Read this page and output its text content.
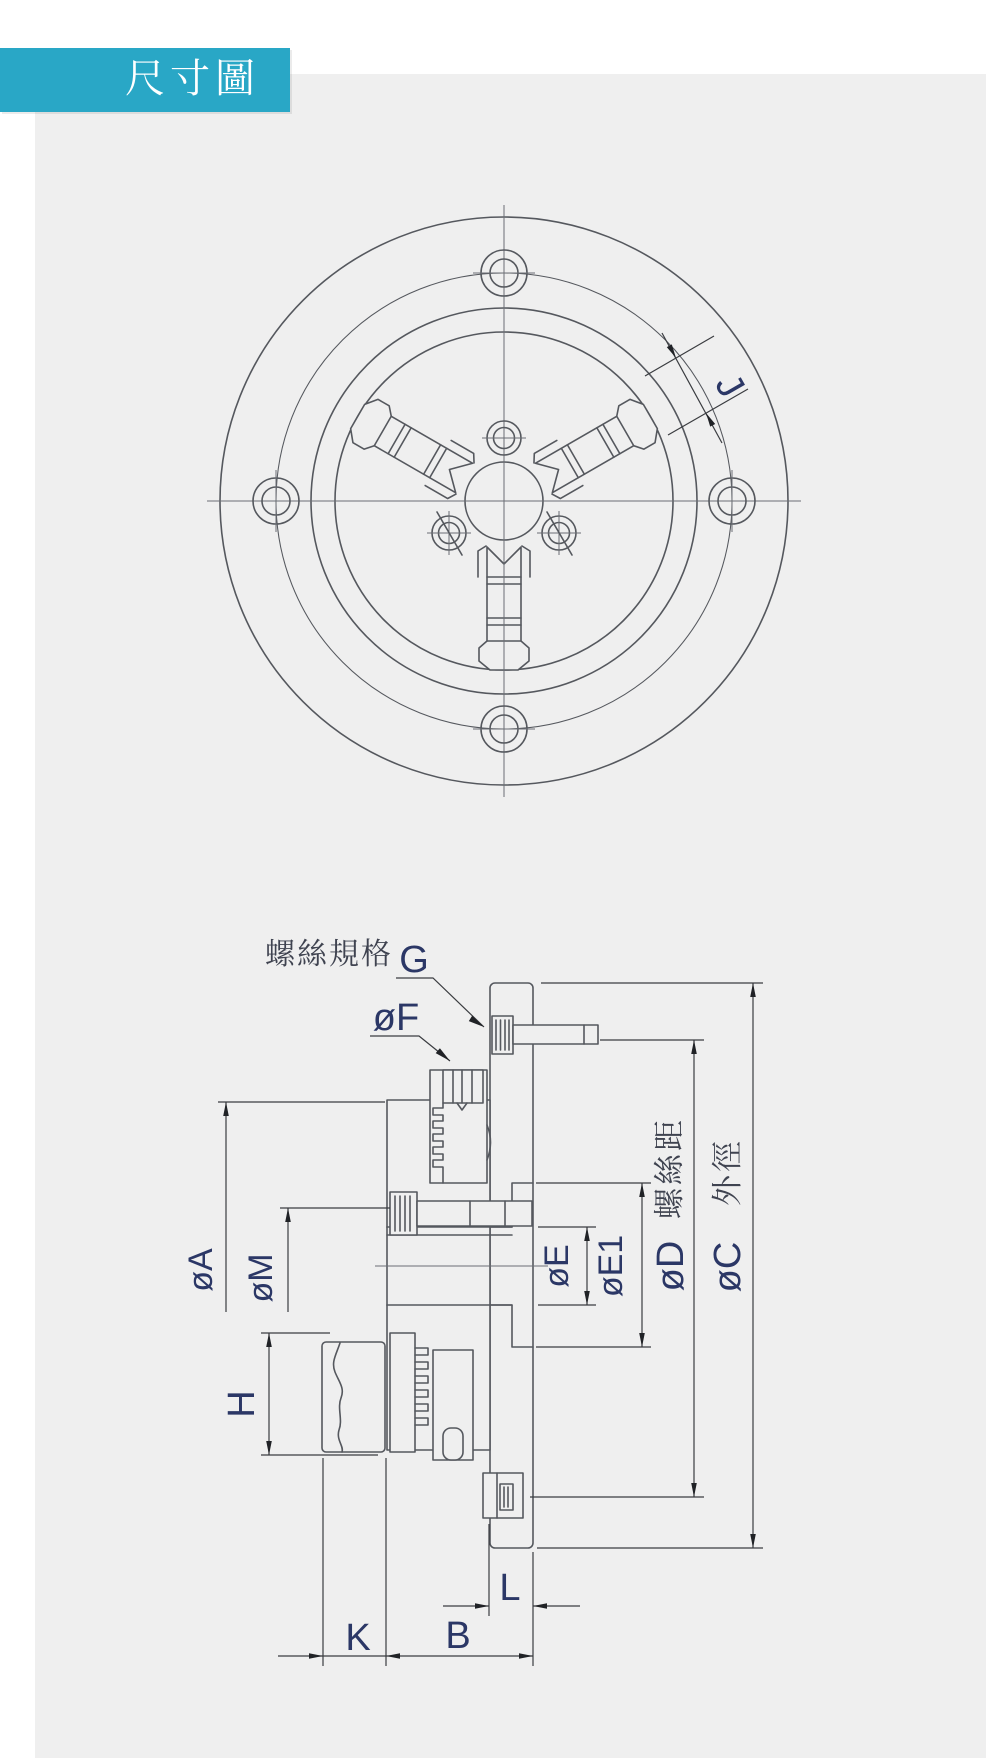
J
øA øM
H
øE øE1 øD
螺絲距
øC
外徑
L
K B
螺絲規格 G
øF
尺寸圖
